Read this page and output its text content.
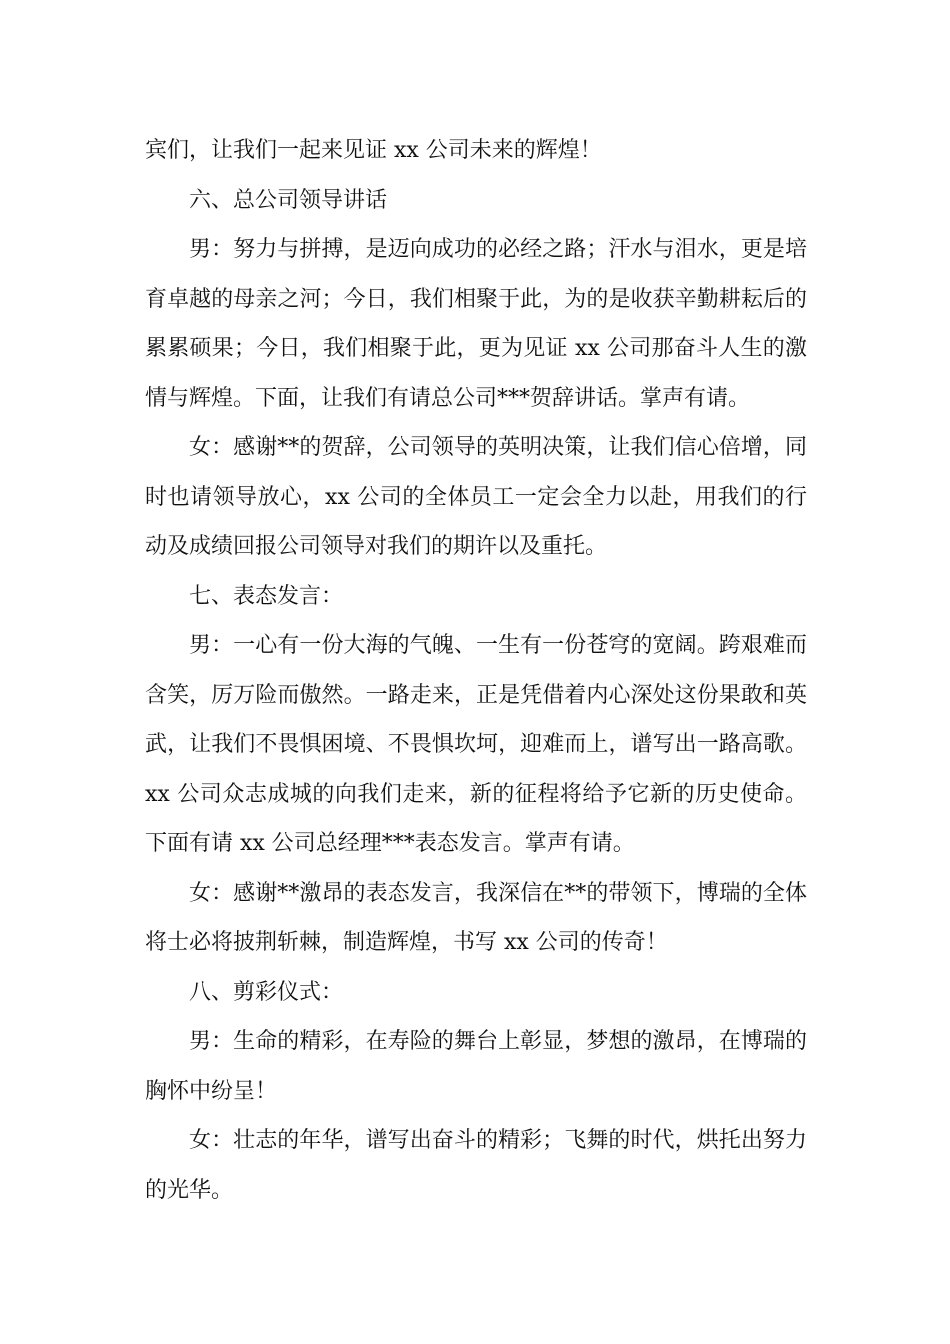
宾们，让我们一起来见证 xx 公司未来的辉煌！

六、总公司领导讲话

男：努力与拼搏，是迈向成功的必经之路；汗水与泪水，更是培育卓越的母亲之河；今日，我们相聚于此，为的是收获辛勤耕耘后的累累硕果；今日，我们相聚于此，更为见证 xx 公司那奋斗人生的激情与辉煌。下面，让我们有请总公司***贺辞讲话。掌声有请。

女：感谢**的贺辞，公司领导的英明决策，让我们信心倍增，同时也请领导放心，xx 公司的全体员工一定会全力以赴，用我们的行动及成绩回报公司领导对我们的期许以及重托。

七、表态发言：

男：一心有一份大海的气魄、一生有一份苍穹的宽阔。跨艰难而含笑，厉万险而傲然。一路走来，正是凭借着内心深处这份果敢和英武，让我们不畏惧困境、不畏惧坎坷，迎难而上，谱写出一路高歌。xx 公司众志成城的向我们走来，新的征程将给予它新的历史使命。下面有请 xx 公司总经理***表态发言。掌声有请。

女：感谢**激昂的表态发言，我深信在**的带领下，博瑞的全体将士必将披荆斩棘，制造辉煌，书写 xx 公司的传奇！

八、剪彩仪式：

男：生命的精彩，在寿险的舞台上彰显，梦想的激昂，在博瑞的胸怀中纷呈！

女：壮志的年华，谱写出奋斗的精彩；飞舞的时代，烘托出努力的光华。
